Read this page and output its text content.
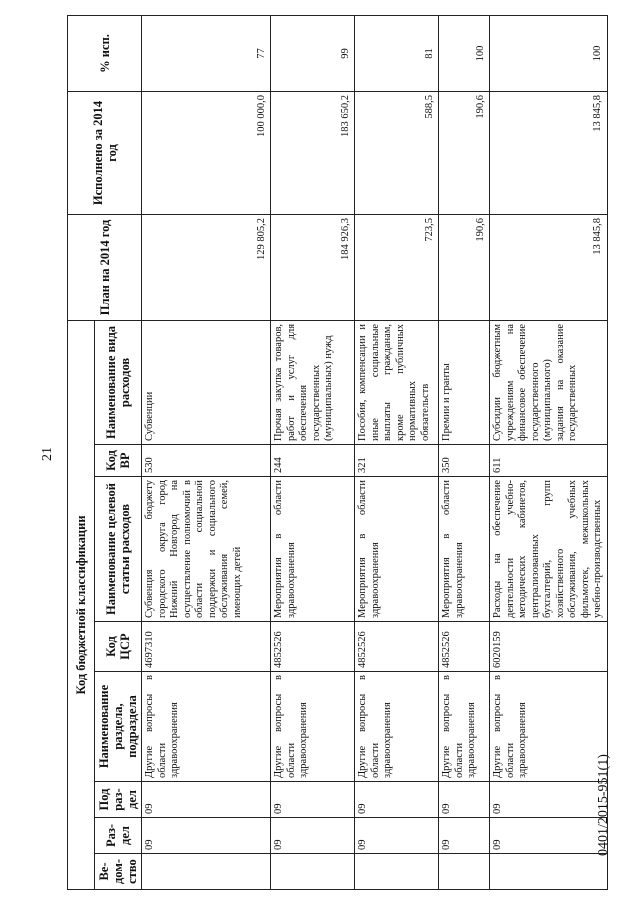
21
0401/2015-951(1)
Код бюджетной классификации								План на 2014 год	Исполнено за 2014 год	% исп.
Ве-дом-ство	Раз-дел	Под раз-дел	Наименование раздела, подраздела	Код ЦСР	Наименование целевой статьи расходов	Код ВР	Наименование вида расходов			
	09	09	Другие вопросы в области здравоохранения	4697310	Субвенция бюджету городского округа город Нижний Новгород на осуществление полномочий в области социальной поддержки и социального обслуживания семей, имеющих детей	530	Субвенции	129 805,2	100 000,0	77
	09	09	Другие вопросы в области здравоохранения	4852526	Мероприятия в области здравоохранения	244	Прочая закупка товаров, работ и услуг для обеспечения государственных (муниципальных) нужд	184 926,3	183 650,2	99
	09	09	Другие вопросы в области здравоохранения	4852526	Мероприятия в области здравоохранения	321	Пособия, компенсации и иные социальные выплаты гражданам, кроме публичных нормативных обязательств	723,5	588,5	81
	09	09	Другие вопросы в области здравоохранения	4852526	Мероприятия в области здравоохранения	350	Премии и гранты	190,6	190,6	100
	09	09	Другие вопросы в области здравоохранения	6020159	Расходы на обеспечение деятельности учебно-методических кабинетов, централизованных бухгалтерий, групп хозяйственного обслуживания, учебных фильмотек, межшкольных учебно-производственных	611	Субсидии бюджетным учреждениям на финансовое обеспечение государственного (муниципального) задания на оказание государственных	13 845,8	13 845,8	100
